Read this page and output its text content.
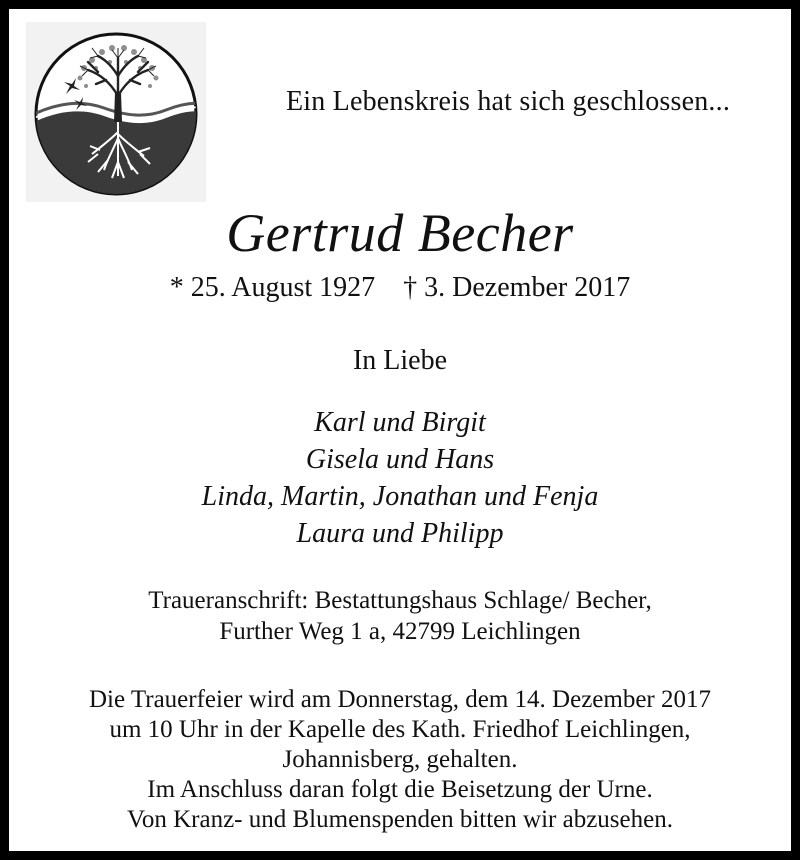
Ein Lebenskreis hat sich geschlossen...
Gertrud Becher
* 25. August 1927 † 3. Dezember 2017
In Liebe
Karl und Birgit
Gisela und Hans
Linda, Martin, Jonathan und Fenja
Laura und Philipp
Traueranschrift: Bestattungshaus Schlage/ Becher,
Further Weg 1 a, 42799 Leichlingen
Die Trauerfeier wird am Donnerstag, dem 14. Dezember 2017
um 10 Uhr in der Kapelle des Kath. Friedhof Leichlingen,
Johannisberg, gehalten.
Im Anschluss daran folgt die Beisetzung der Urne.
Von Kranz- und Blumenspenden bitten wir abzusehen.
